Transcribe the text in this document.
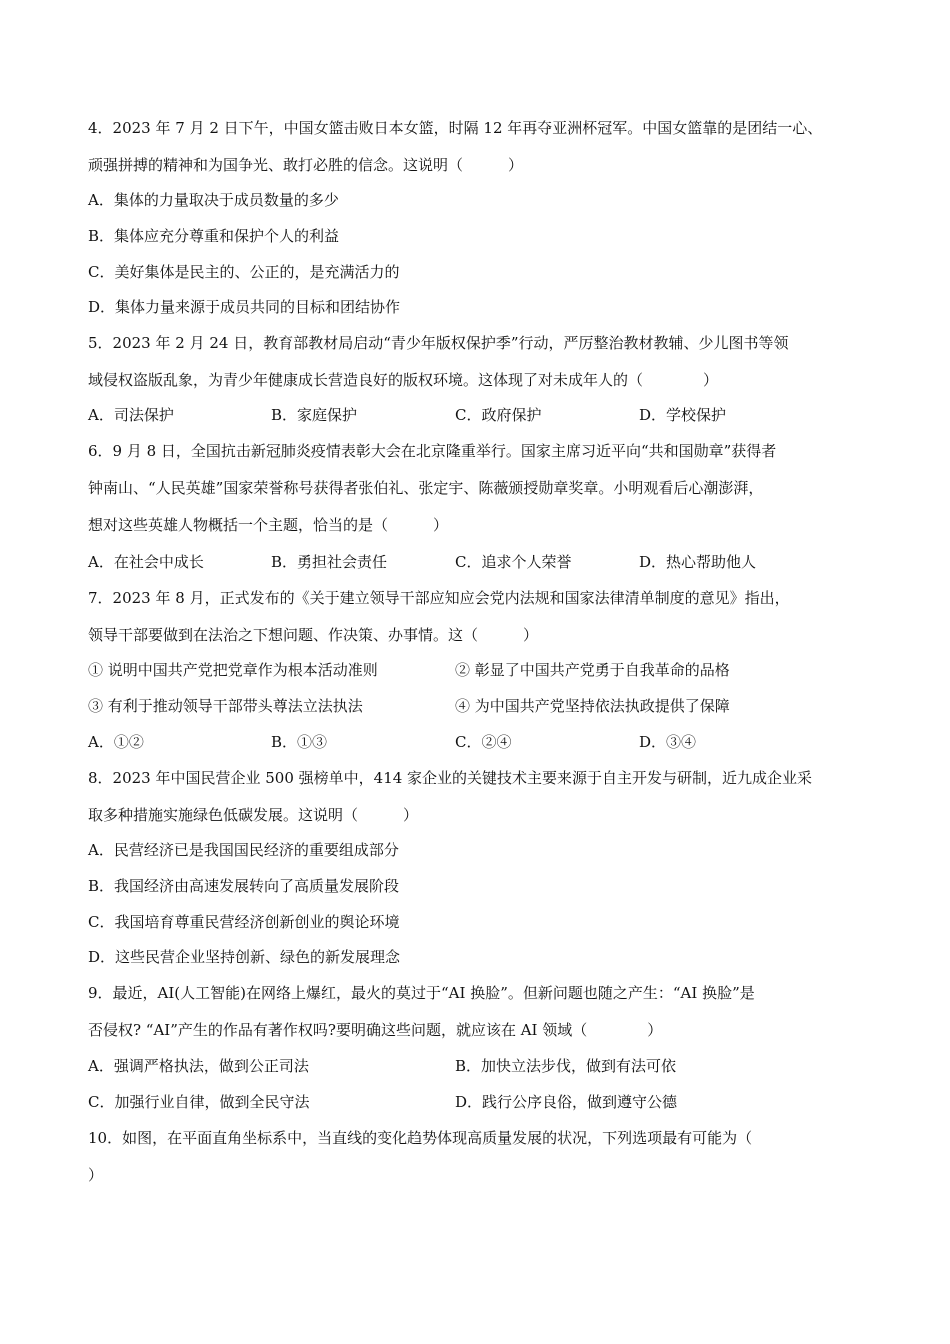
4．2023 年 7 月 2 日下午，中国女篮击败日本女篮，时隔 12 年再夺亚洲杯冠军。中国女篮靠的是团结一心、
顽强拼搏的精神和为国争光、敢打必胜的信念。这说明（　　　）
A．集体的力量取决于成员数量的多少
B．集体应充分尊重和保护个人的利益
C．美好集体是民主的、公正的，是充满活力的
D．集体力量来源于成员共同的目标和团结协作
5．2023 年 2 月 24 日，教育部教材局启动“青少年版权保护季”行动，严厉整治教材教辅、少儿图书等领
域侵权盗版乱象，为青少年健康成长营造良好的版权环境。这体现了对未成年人的（　　　　）
A．司法保护	B．家庭保护	C．政府保护	D．学校保护
6．9 月 8 日，全国抗击新冠肺炎疫情表彰大会在北京隆重举行。国家主席习近平向“共和国勋章”获得者
钟南山、“人民英雄”国家荣誉称号获得者张伯礼、张定宇、陈薇颁授勋章奖章。小明观看后心潮澎湃，
想对这些英雄人物概括一个主题，恰当的是（　　　）
A．在社会中成长	B．勇担社会责任	C．追求个人荣誉	D．热心帮助他人
7．2023 年 8 月，正式发布的《关于建立领导干部应知应会党内法规和国家法律清单制度的意见》指出，
领导干部要做到在法治之下想问题、作决策、办事情。这（　　　）
① 说明中国共产党把党章作为根本活动准则	② 彰显了中国共产党勇于自我革命的品格
③ 有利于推动领导干部带头尊法立法执法	④ 为中国共产党坚持依法执政提供了保障
A．①②	B．①③	C．②④	D．③④
8．2023 年中国民营企业 500 强榜单中，414 家企业的关键技术主要来源于自主开发与研制，近九成企业采
取多种措施实施绿色低碳发展。这说明（　　　）
A．民营经济已是我国国民经济的重要组成部分
B．我国经济由高速发展转向了高质量发展阶段
C．我国培育尊重民营经济创新创业的舆论环境
D．这些民营企业坚持创新、绿色的新发展理念
9．最近，AI(人工智能)在网络上爆红，最火的莫过于“AI 换脸”。但新问题也随之产生：“AI 换脸”是
否侵权? “AI”产生的作品有著作权吗?要明确这些问题，就应该在 AI 领域（　　　　）
A．强调严格执法，做到公正司法	B．加快立法步伐，做到有法可依
C．加强行业自律，做到全民守法	D．践行公序良俗，做到遵守公德
10．如图，在平面直角坐标系中，当直线的变化趋势体现高质量发展的状况，下列选项最有可能为（
）
